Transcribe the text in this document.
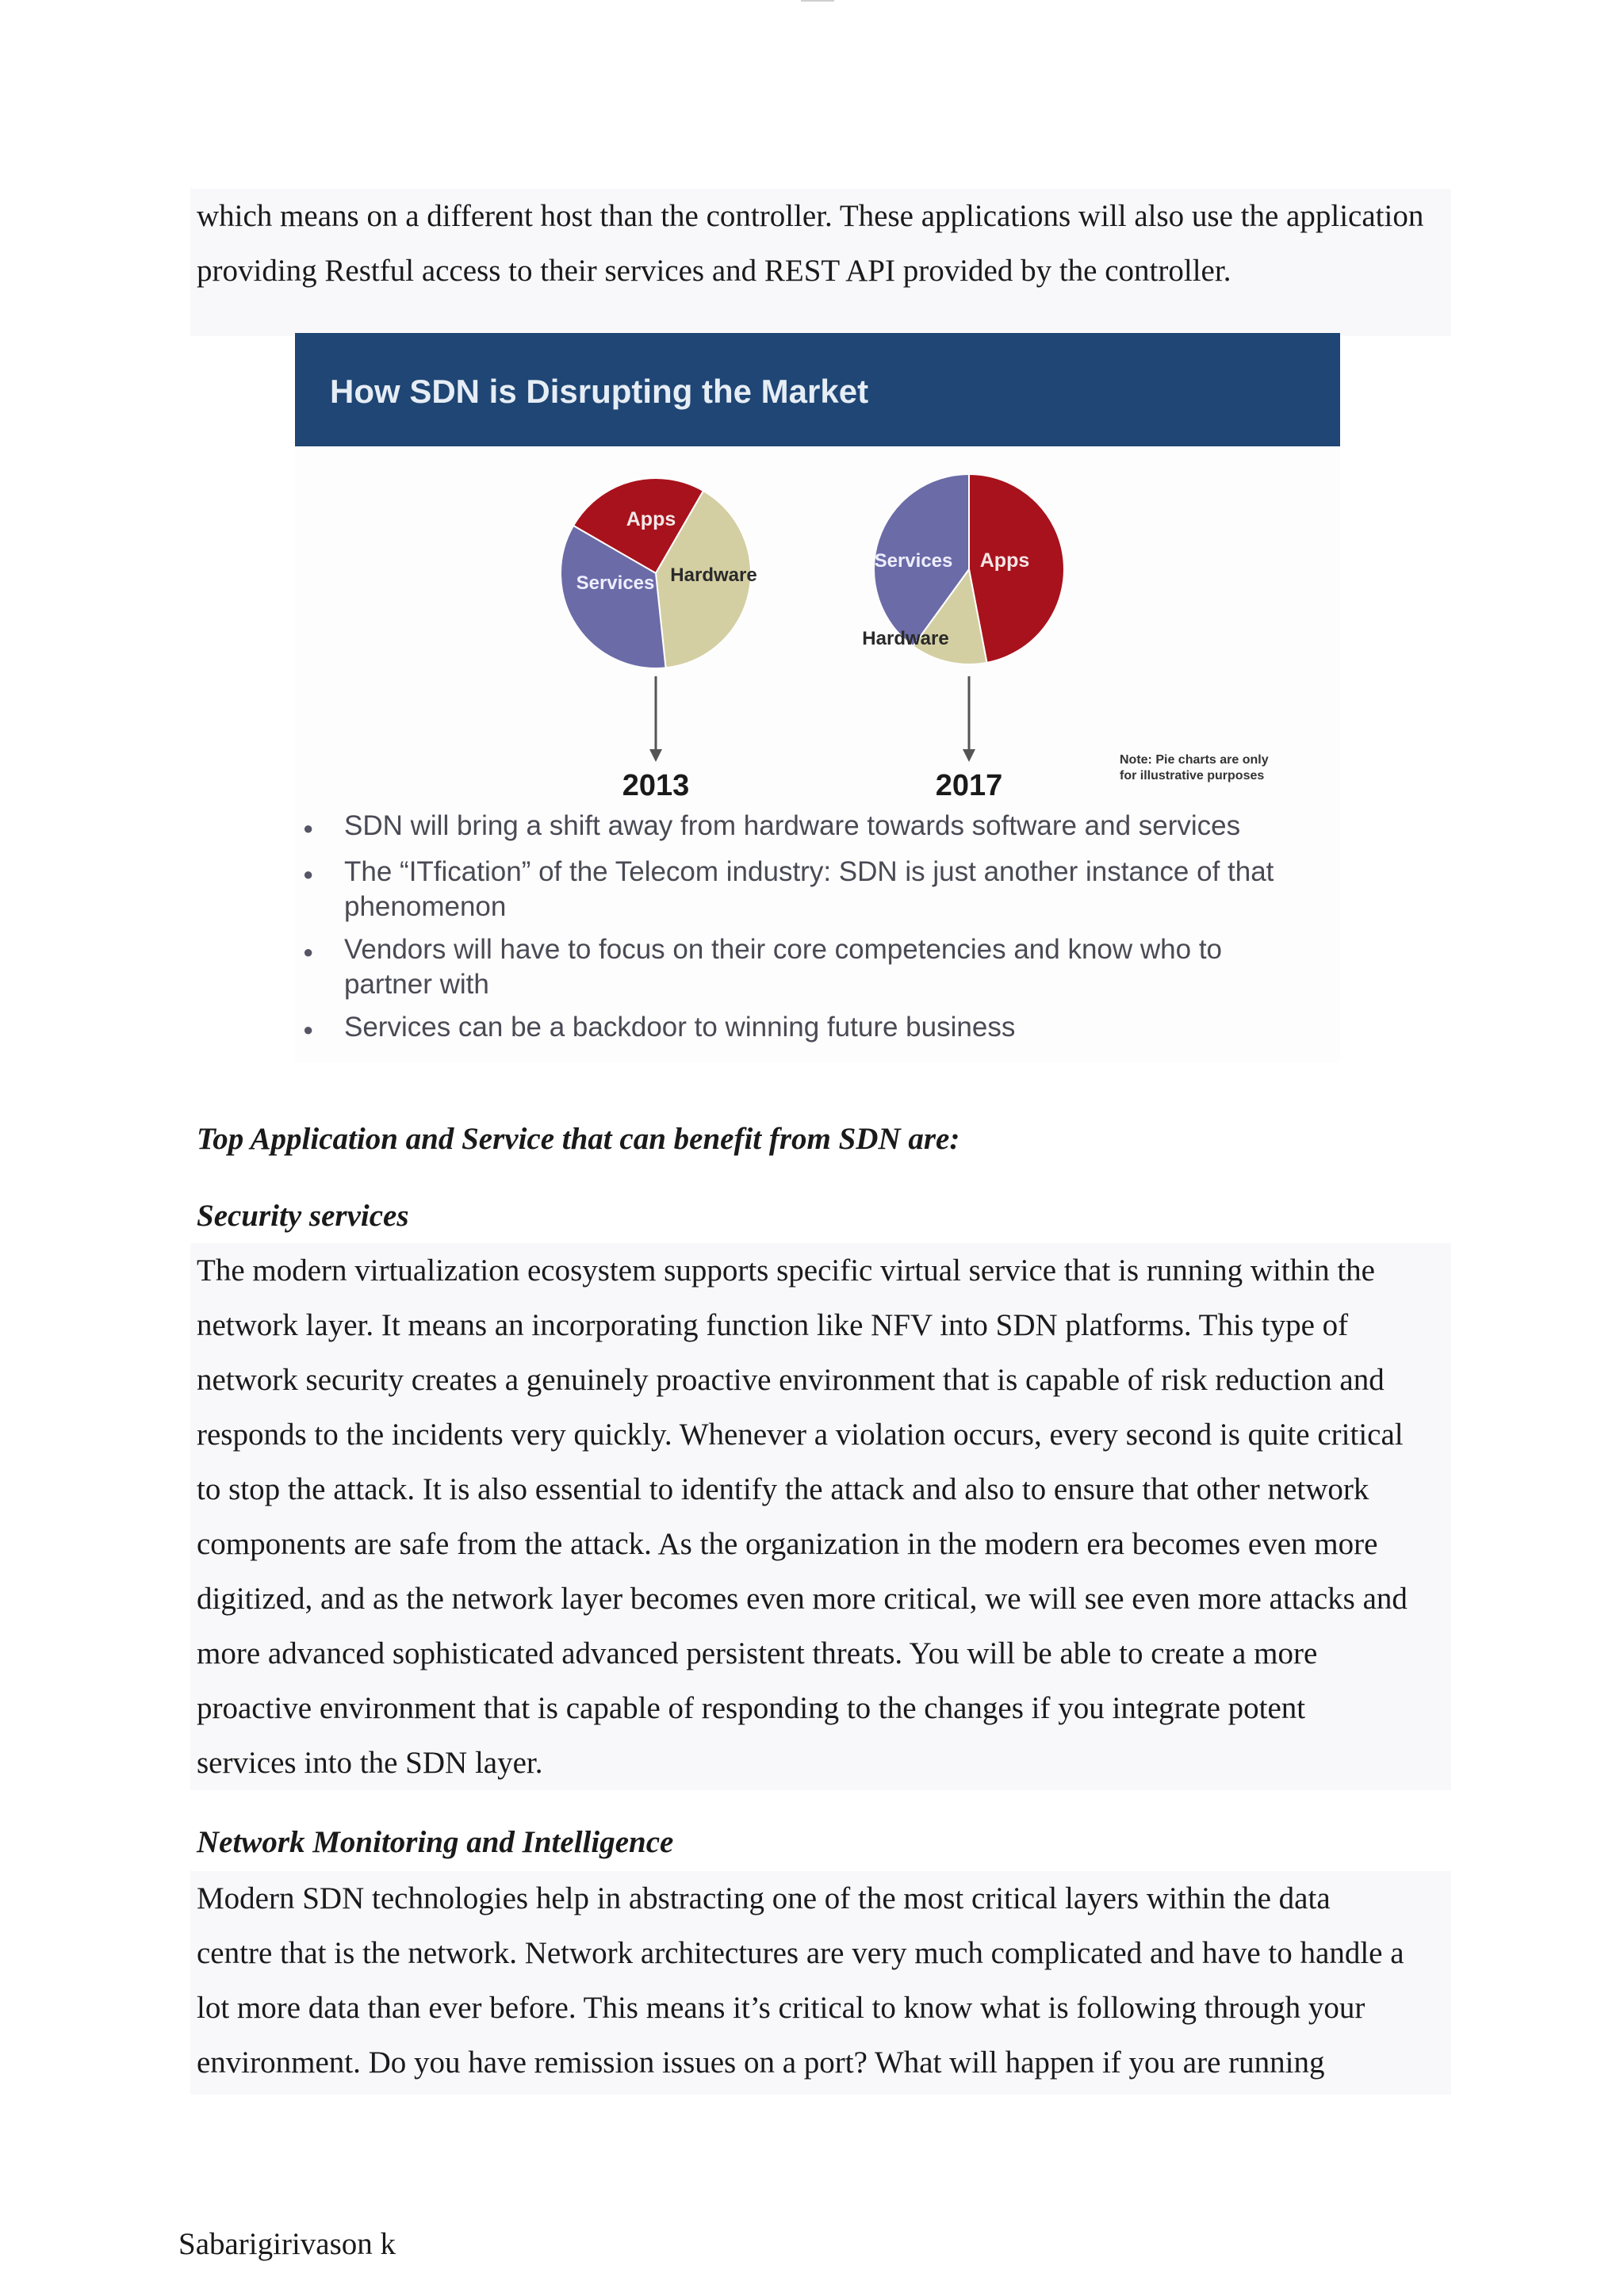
which means on a different host than the controller. These applications will also use the application
providing Restful access to their services and REST API provided by the controller.
How SDN is Disrupting the Market
Apps
Services Hardware
Services Apps
Hardware
2013	2017
Note: Pie charts are only
for illustrative purposes
● SDN will bring a shift away from hardware towards software and services
● The “ITfication” of the Telecom industry: SDN is just another instance of that
phenomenon
● Vendors will have to focus on their core competencies and know who to
partner with
● Services can be a backdoor to winning future business
Top Application and Service that can benefit from SDN are:
Security services
The modern virtualization ecosystem supports specific virtual service that is running within the
network layer. It means an incorporating function like NFV into SDN platforms. This type of
network security creates a genuinely proactive environment that is capable of risk reduction and
responds to the incidents very quickly. Whenever a violation occurs, every second is quite critical
to stop the attack. It is also essential to identify the attack and also to ensure that other network
components are safe from the attack. As the organization in the modern era becomes even more
digitized, and as the network layer becomes even more critical, we will see even more attacks and
more advanced sophisticated advanced persistent threats. You will be able to create a more
proactive environment that is capable of responding to the changes if you integrate potent
services into the SDN layer.
Network Monitoring and Intelligence
Modern SDN technologies help in abstracting one of the most critical layers within the data
centre that is the network. Network architectures are very much complicated and have to handle a
lot more data than ever before. This means it’s critical to know what is following through your
environment. Do you have remission issues on a port? What will happen if you are running
Sabarigirivason k
